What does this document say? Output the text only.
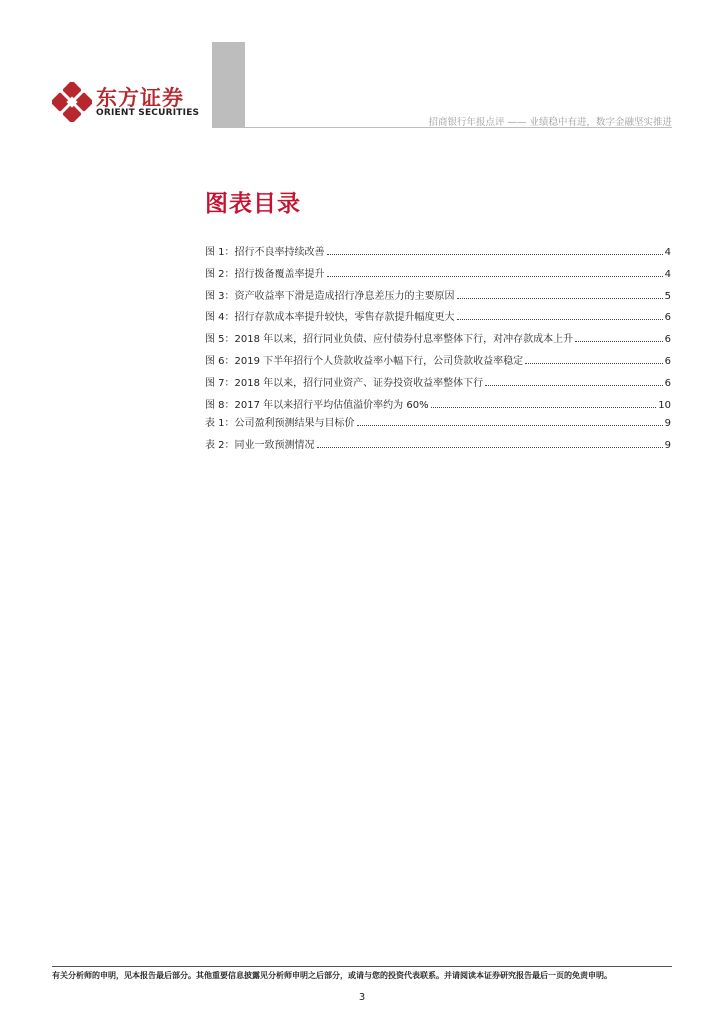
东方证券
ORIENT SECURITIES
招商银行年报点评 —— 业绩稳中有进，数字金融坚实推进
图表目录
图 1：招行不良率持续改善	4
图 2：招行拨备覆盖率提升	4
图 3：资产收益率下滑是造成招行净息差压力的主要原因	5
图 4：招行存款成本率提升较快，零售存款提升幅度更大	6
图 5：2018 年以来，招行同业负债、应付债券付息率整体下行，对冲存款成本上升	6
图 6：2019 下半年招行个人贷款收益率小幅下行，公司贷款收益率稳定	6
图 7：2018 年以来，招行同业资产、证券投资收益率整体下行	6
图 8：2017 年以来招行平均估值溢价率约为 60%	10
表 1：公司盈利预测结果与目标价	9
表 2：同业一致预测情况	9
有关分析师的申明，见本报告最后部分。其他重要信息披露见分析师申明之后部分，或请与您的投资代表联系。并请阅读本证券研究报告最后一页的免责申明。
3
